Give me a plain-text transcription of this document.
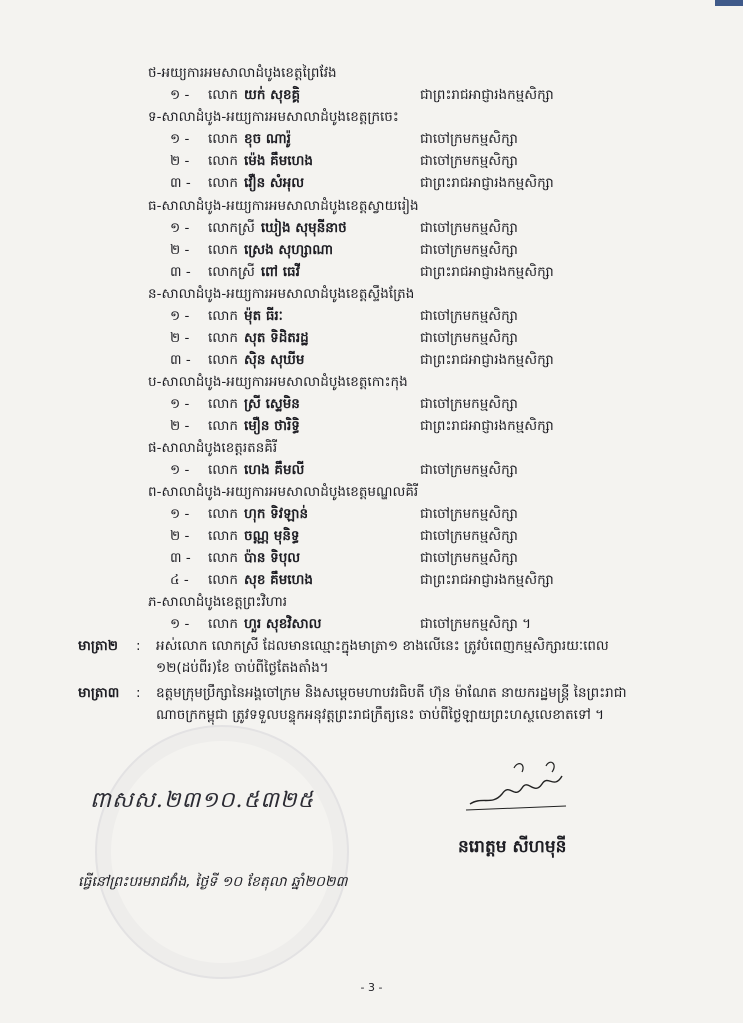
ថ-អយ្យការអមសាលាដំបូងខេត្តព្រៃវែង
១ - លោក យក់ សុខគ្គិ	ជាព្រះរាជអាជ្ញារងកម្មសិក្សា
ទ-សាលាដំបូង-អយ្យការអមសាលាដំបូងខេត្តក្រចេះ
១ - លោក ខុច ណារ៉ូ	ជាចៅក្រមកម្មសិក្សា
២ - លោក ម៉េង គឹមហេង	ជាចៅក្រមកម្មសិក្សា
៣ - លោក វឿន សំអុល	ជាព្រះរាជអាជ្ញារងកម្មសិក្សា
ធ-សាលាដំបូង-អយ្យការអមសាលាដំបូងខេត្តស្វាយរៀង
១ - លោកស្រី ឃៀង សុមុនីនាថ	ជាចៅក្រមកម្មសិក្សា
២ - លោក ស្រេង សុហ្សាណា	ជាចៅក្រមកម្មសិក្សា
៣ - លោកស្រី ពៅ ធេវី	ជាព្រះរាជអាជ្ញារងកម្មសិក្សា
ន-សាលាដំបូង-អយ្យការអមសាលាដំបូងខេត្តស្ទឹងត្រែង
១ - លោក ម៉ុត ធីរៈ	ជាចៅក្រមកម្មសិក្សា
២ - លោក សុត ទិដិតរដ្ឋ	ជាចៅក្រមកម្មសិក្សា
៣ - លោក ស៊ិន សុឃីម	ជាព្រះរាជអាជ្ញារងកម្មសិក្សា
ប-សាលាដំបូង-អយ្យការអមសាលាដំបូងខេត្តកោះកុង
១ - លោក ស្រី ស្ទេមិន	ជាចៅក្រមកម្មសិក្សា
២ - លោក មឿន ថារិទ្ធិ	ជាព្រះរាជអាជ្ញារងកម្មសិក្សា
ផ-សាលាដំបូងខេត្តរតនគិរី
១ - លោក ហេង គឹមលី	ជាចៅក្រមកម្មសិក្សា
ព-សាលាដំបូង-អយ្យការអមសាលាដំបូងខេត្តមណ្ឌលគិរី
១ - លោក ហុក ទិវឡាន់	ជាចៅក្រមកម្មសិក្សា
២ - លោក ចណ្ណ មុនិទ្ធ	ជាចៅក្រមកម្មសិក្សា
៣ - លោក ប៉ាន ទិបុល	ជាចៅក្រមកម្មសិក្សា
៤ - លោក សុខ គឹមហេង	ជាព្រះរាជអាជ្ញារងកម្មសិក្សា
ភ-សាលាដំបូងខេត្តព្រះវិហារ
១ - លោក ហួរ សុខវិសាល	ជាចៅក្រមកម្មសិក្សា ។
មាត្រា២ : អស់លោក លោកស្រី ដែលមានឈ្មោះក្នុងមាត្រា១ ខាងលើនេះ ត្រូវបំពេញកម្មសិក្សារយៈពេល
១២(ដប់ពីរ)ខែ ចាប់ពីថ្ងៃតែងតាំង។
មាត្រា៣ : ឧត្តមក្រុមប្រឹក្សានៃអង្គចៅក្រម និងសម្តេចមហាបវរធិបតី ហ៊ុន ម៉ាណែត នាយករដ្ឋមន្ត្រី នៃព្រះរាជា
ណាចក្រកម្ពុជា ត្រូវទទួលបន្ទុកអនុវត្តព្រះរាជក្រឹត្យនេះ ចាប់ពីថ្ងៃឡាយព្រះហស្ថលេខាតទៅ ។
ពាសស.២៣១០.៥៣២៥
នរោត្តម សីហមុនី
ធ្វើនៅព្រះបរមរាជវាំង, ថ្ងៃទី ១០ ខែតុលា ឆ្នាំ២០២៣
- 3 -
